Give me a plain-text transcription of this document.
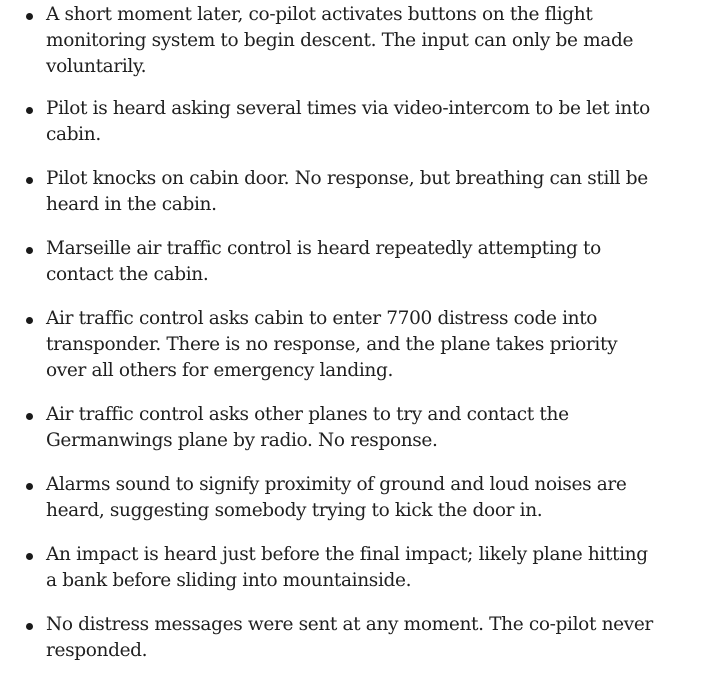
A short moment later, co-pilot activates buttons on the flight monitoring system to begin descent. The input can only be made voluntarily.

Pilot is heard asking several times via video-intercom to be let into cabin.

Pilot knocks on cabin door. No response, but breathing can still be heard in the cabin.

Marseille air traffic control is heard repeatedly attempting to contact the cabin.

Air traffic control asks cabin to enter 7700 distress code into transponder. There is no response, and the plane takes priority over all others for emergency landing.

Air traffic control asks other planes to try and contact the Germanwings plane by radio. No response.

Alarms sound to signify proximity of ground and loud noises are heard, suggesting somebody trying to kick the door in.

An impact is heard just before the final impact; likely plane hitting a bank before sliding into mountainside.

No distress messages were sent at any moment. The co-pilot never responded.
